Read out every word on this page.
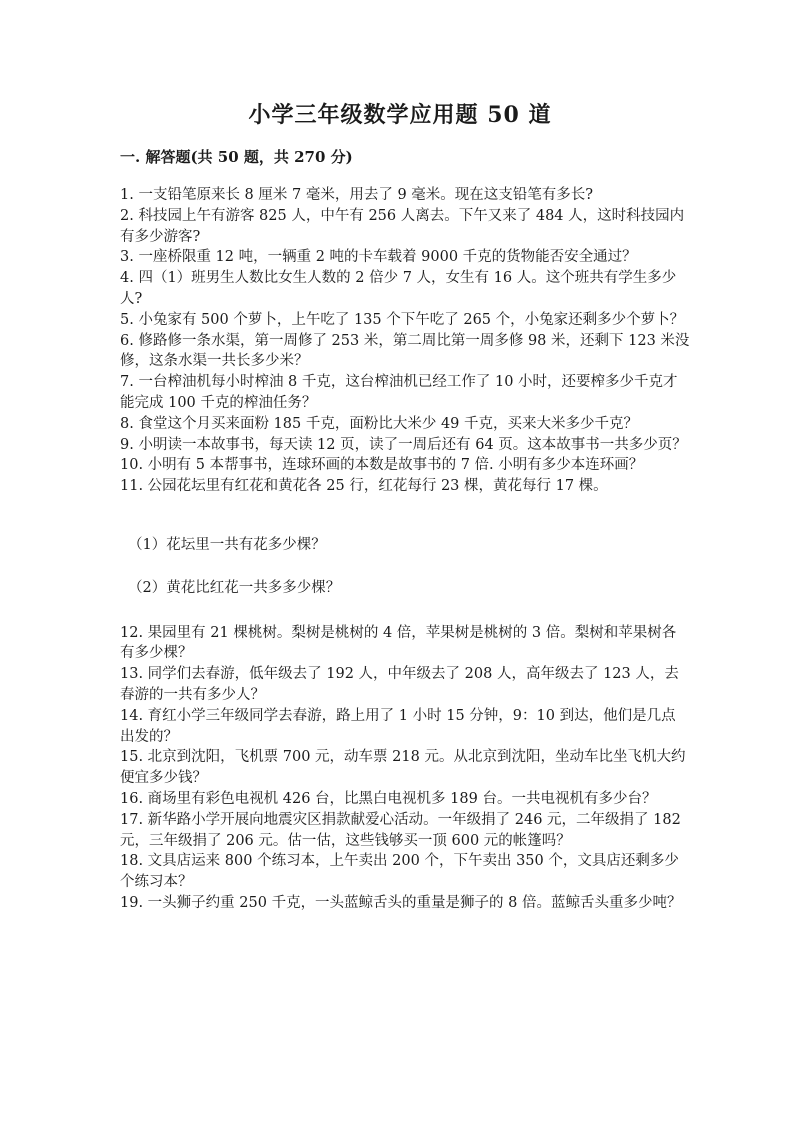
小学三年级数学应用题 50 道
一. 解答题(共 50 题，共 270 分)

1. 一支铅笔原来长 8 厘米 7 毫米，用去了 9 毫米。现在这支铅笔有多长?

2. 科技园上午有游客 825 人，中午有 256 人离去。下午又来了 484 人，这时科技园内有多少游客?

3. 一座桥限重 12 吨，一辆重 2 吨的卡车载着 9000 千克的货物能否安全通过？

4. 四（1）班男生人数比女生人数的 2 倍少 7 人，女生有 16 人。这个班共有学生多少人?

5. 小兔家有 500 个萝卜，上午吃了 135 个下午吃了 265 个，小兔家还剩多少个萝卜？

6. 修路修一条水渠，第一周修了 253 米，第二周比第一周多修 98 米，还剩下 123 米没修，这条水渠一共长多少米？

7. 一台榨油机每小时榨油 8 千克，这台榨油机已经工作了 10 小时，还要榨多少千克才能完成 100 千克的榨油任务？

8. 食堂这个月买来面粉 185 千克，面粉比大米少 49 千克，买来大米多少千克？

9. 小明读一本故事书，每天读 12 页，读了一周后还有 64 页。这本故事书一共多少页？

10. 小明有 5 本帮事书，连球环画的本数是故事书的 7 倍. 小明有多少本连环画？

11. 公园花坛里有红花和黄花各 25 行，红花每行 23 棵，黄花每行 17 棵。

（1）花坛里一共有花多少棵？

（2）黄花比红花一共多多少棵？

12. 果园里有 21 棵桃树。梨树是桃树的 4 倍，苹果树是桃树的 3 倍。梨树和苹果树各有多少棵？

13. 同学们去春游，低年级去了 192 人，中年级去了 208 人，高年级去了 123 人，去春游的一共有多少人？

14. 育红小学三年级同学去春游，路上用了 1 小时 15 分钟，9：10 到达，他们是几点出发的？

15. 北京到沈阳，飞机票 700 元，动车票 218 元。从北京到沈阳，坐动车比坐飞机大约便宜多少钱？

16. 商场里有彩色电视机 426 台，比黑白电视机多 189 台。一共电视机有多少台？

17. 新华路小学开展向地震灾区捐款献爱心活动。一年级捐了 246 元，二年级捐了 182 元，三年级捐了 206 元。估一估，这些钱够买一顶 600 元的帐篷吗？

18. 文具店运来 800 个练习本，上午卖出 200 个，下午卖出 350 个，文具店还剩多少个练习本？

19. 一头狮子约重 250 千克，一头蓝鲸舌头的重量是狮子的 8 倍。蓝鲸舌头重多少吨？
